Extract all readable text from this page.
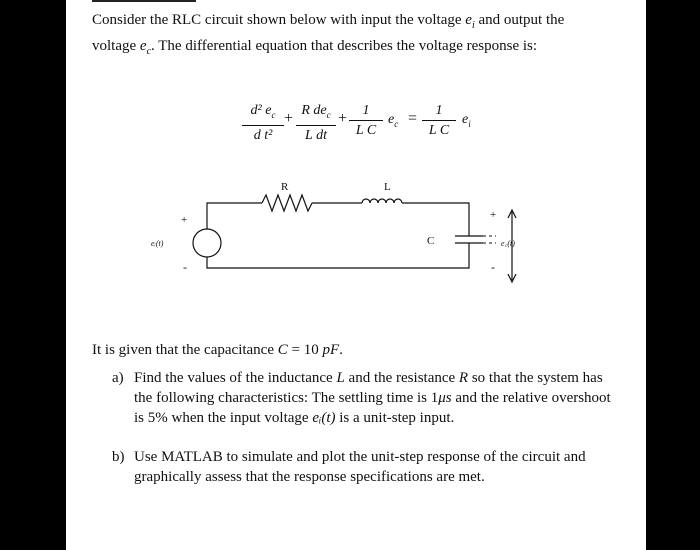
Consider the RLC circuit shown below with input the voltage $e_i$ and output the voltage $e_c$. The differential equation that describes the voltage response is:

d² $e_c$
d t²
+ R $de_c$
L dt
+	1
L C
$e_c$ =	1
L C
$e_i$
R	L
C
eᵢ(t)
+
-
+
-
e꜀(t)

It is given that the capacitance C = 10 pF.

a) Find the values of the inductance L and the resistance R so that the system has the following characteristics: The settling time is 1μs and the relative overshoot is 5% when the input voltage eᵢ(t) is a unit-step input.
b) Use MATLAB to simulate and plot the unit-step response of the circuit and graphically assess that the response specifications are met.
